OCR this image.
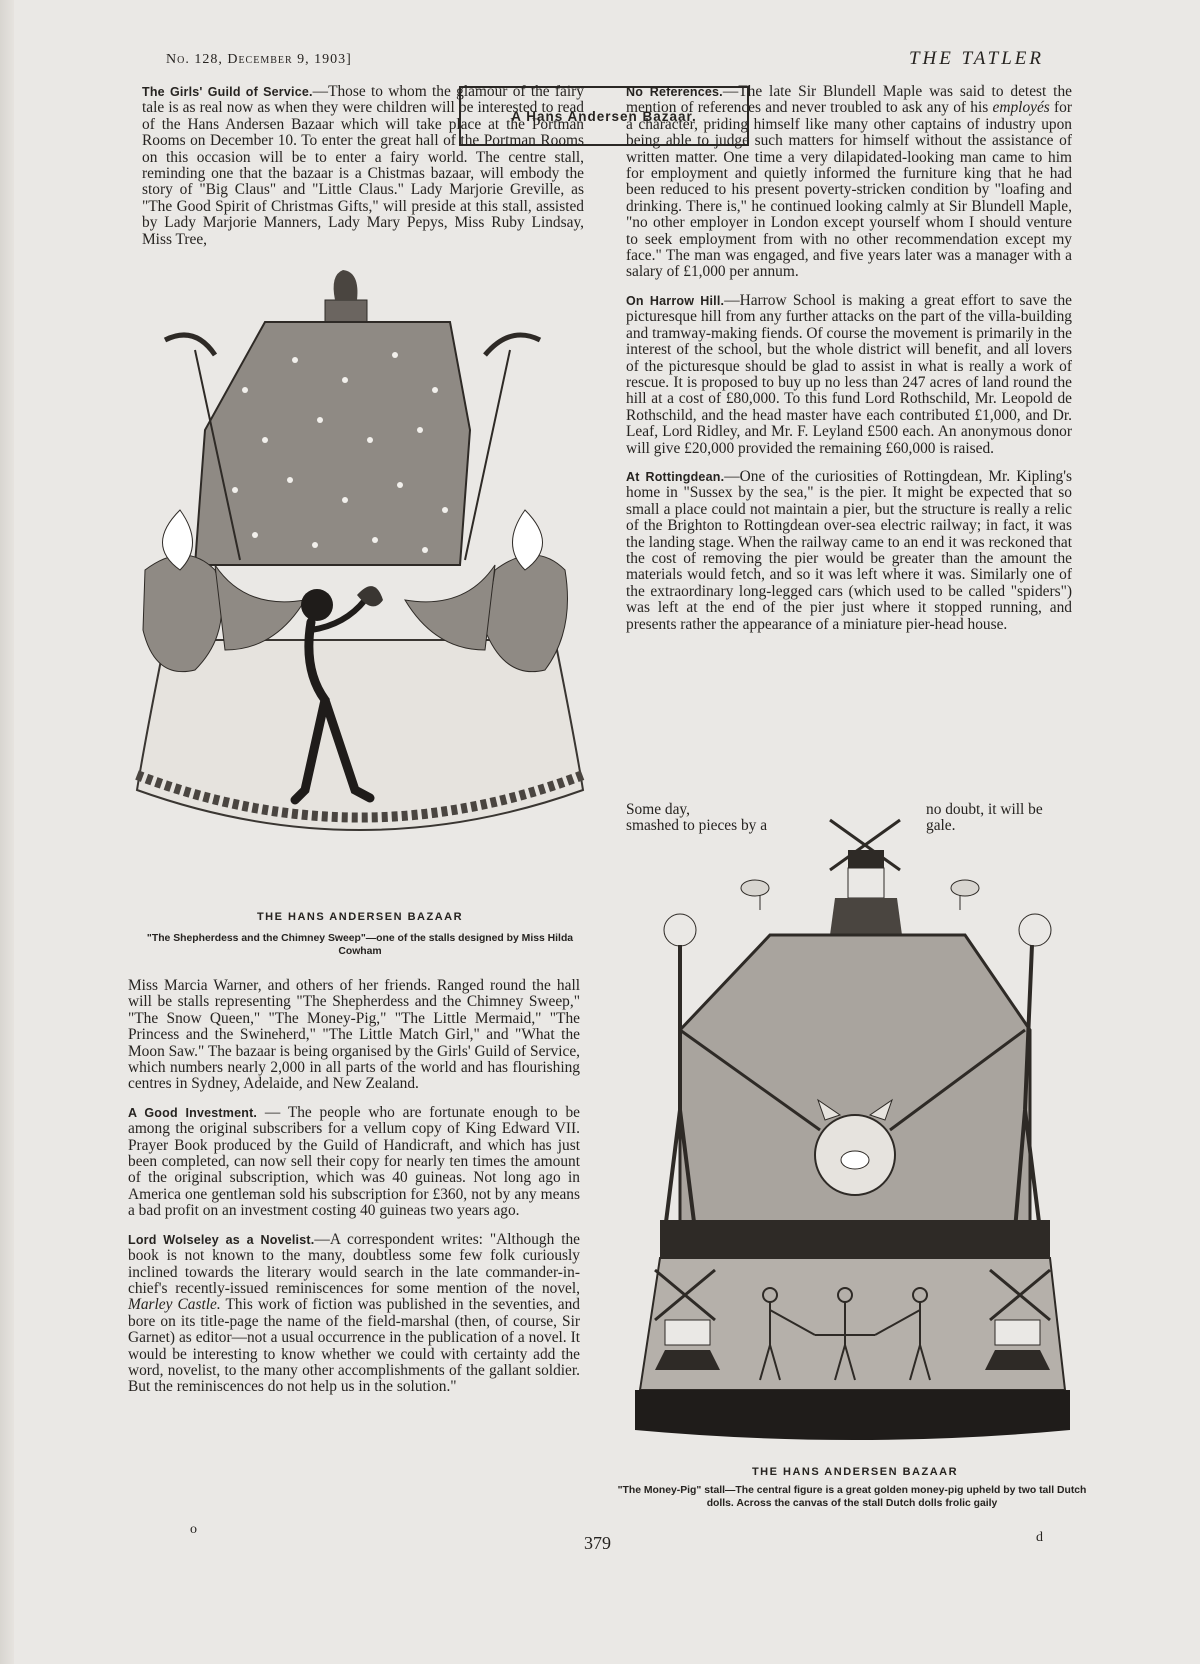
No. 128, December 9, 1903]	THE TATLER
A Hans Andersen Bazaar.

The Girls' Guild of Service.—Those to whom the glamour of the fairy tale is as real now as when they were children will be interested to read of the Hans Andersen Bazaar which will take place at the Portman Rooms on December 10. To enter the great hall of the Portman Rooms on this occasion will be to enter a fairy world. The centre stall, reminding one that the bazaar is a Chistmas bazaar, will embody the story of "Big Claus" and "Little Claus." Lady Marjorie Greville, as "The Good Spirit of Christmas Gifts," will preside at this stall, assisted by Lady Marjorie Manners, Lady Mary Pepys, Miss Ruby Lindsay, Miss Tree,

THE HANS ANDERSEN BAZAAR
"The Shepherdess and the Chimney Sweep"—one of the stalls designed by Miss Hilda Cowham

Miss Marcia Warner, and others of her friends. Ranged round the hall will be stalls representing "The Shepherdess and the Chimney Sweep," "The Snow Queen," "The Money-Pig," "The Little Mermaid," "The Princess and the Swineherd," "The Little Match Girl," and "What the Moon Saw." The bazaar is being organised by the Girls' Guild of Service, which numbers nearly 2,000 in all parts of the world and has flourishing centres in Sydney, Adelaide, and New Zealand.

A Good Investment. — The people who are fortunate enough to be among the original subscribers for a vellum copy of King Edward VII. Prayer Book produced by the Guild of Handicraft, and which has just been completed, can now sell their copy for nearly ten times the amount of the original subscription, which was 40 guineas. Not long ago in America one gentleman sold his subscription for £360, not by any means a bad profit on an investment costing 40 guineas two years ago.

Lord Wolseley as a Novelist.—A correspondent writes: "Although the book is not known to the many, doubtless some few folk curiously inclined towards the literary would search in the late commander-in-chief's recently-issued reminiscences for some mention of the novel, Marley Castle. This work of fiction was published in the seventies, and bore on its title-page the name of the field-marshal (then, of course, Sir Garnet) as editor—not a usual occurrence in the publication of a novel. It would be interesting to know whether we could with certainty add the word, novelist, to the many other accomplishments of the gallant soldier. But the reminiscences do not help us in the solution."

No References.—The late Sir Blundell Maple was said to detest the mention of references and never troubled to ask any of his employés for a character, priding himself like many other captains of industry upon being able to judge such matters for himself without the assistance of written matter. One time a very dilapidated-looking man came to him for employment and quietly informed the furniture king that he had been reduced to his present poverty-stricken condition by "loafing and drinking. There is," he continued looking calmly at Sir Blundell Maple, "no other employer in London except yourself whom I should venture to seek employment from with no other recommendation except my face." The man was engaged, and five years later was a manager with a salary of £1,000 per annum.

On Harrow Hill.—Harrow School is making a great effort to save the picturesque hill from any further attacks on the part of the villa-building and tramway-making fiends. Of course the movement is primarily in the interest of the school, but the whole district will benefit, and all lovers of the picturesque should be glad to assist in what is really a work of rescue. It is proposed to buy up no less than 247 acres of land round the hill at a cost of £80,000. To this fund Lord Rothschild, Mr. Leopold de Rothschild, and the head master have each contributed £1,000, and Dr. Leaf, Lord Ridley, and Mr. F. Leyland £500 each. An anonymous donor will give £20,000 provided the remaining £60,000 is raised.

At Rottingdean.—One of the curiosities of Rottingdean, Mr. Kipling's home in "Sussex by the sea," is the pier. It might be expected that so small a place could not maintain a pier, but the structure is really a relic of the Brighton to Rottingdean over-sea electric railway; in fact, it was the landing stage. When the railway came to an end it was reckoned that the cost of removing the pier would be greater than the amount the materials would fetch, and so it was left where it was. Similarly one of the extraordinary long-legged cars (which used to be called "spiders") was left at the end of the pier just where it stopped running, and presents rather the appearance of a miniature pier-head house.

Some day,
smashed to pieces by a
no doubt, it will be
gale.
THE HANS ANDERSEN BAZAAR
"The Money-Pig" stall—The central figure is a great golden money-pig upheld by two tall Dutch dolls. Across the canvas of the stall Dutch dolls frolic gaily
o
379	d
